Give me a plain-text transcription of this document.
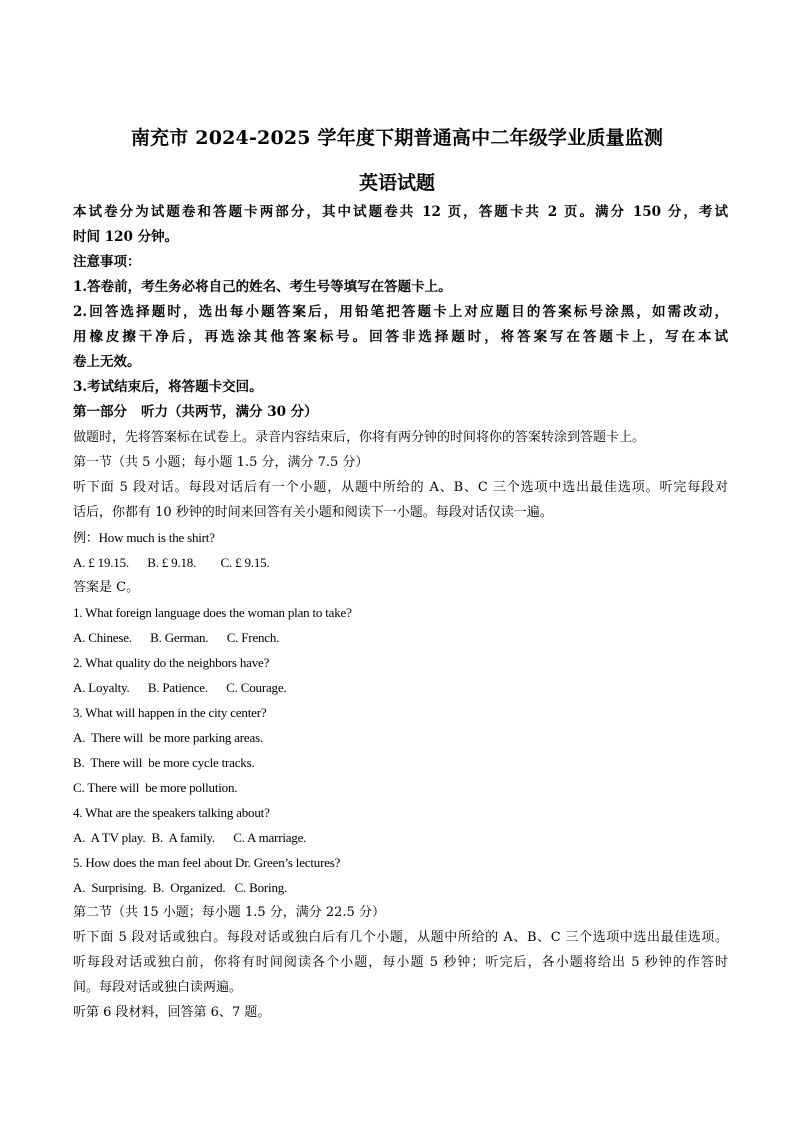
南充市 2024-2025 学年度下期普通高中二年级学业质量监测
英语试题
本试卷分为试题卷和答题卡两部分，其中试题卷共 12 页，答题卡共 2 页。满分 150 分，考试
时间 120 分钟。
注意事项：
1.答卷前，考生务必将自己的姓名、考生号等填写在答题卡上。
2.回答选择题时，选出每小题答案后，用铅笔把答题卡上对应题目的答案标号涂黑，如需改动，
用橡皮擦干净后，再选涂其他答案标号。回答非选择题时，将答案写在答题卡上，写在本试
卷上无效。
3.考试结束后，将答题卡交回。
第一部分 听力（共两节，满分 30 分）
做题时，先将答案标在试卷上。录音内容结束后，你将有两分钟的时间将你的答案转涂到答题卡上。
第一节（共 5 小题；每小题 1.5 分，满分 7.5 分）
听下面 5 段对话。每段对话后有一个小题，从题中所给的 A、B、C 三个选项中选出最佳选项。听完每段对
话后，你都有 10 秒钟的时间来回答有关小题和阅读下一小题。每段对话仅读一遍。
例：How much is the shirt?
A. £ 19.15.      B. £ 9.18.        C. £ 9.15.
答案是 C。
1. What foreign language does the woman plan to take?
A. Chinese.      B. German.      C. French.
2. What quality do the neighbors have?
A. Loyalty.      B. Patience.      C. Courage.
3. What will happen in the city center?
A.  There will  be more parking areas.
B.  There will  be more cycle tracks.
C. There will  be more pollution.
4. What are the speakers talking about?
A.  A TV play.  B.  A family.      C. A marriage.
5. How does the man feel about Dr. Green’s lectures?
A.  Surprising.  B.  Organized.   C. Boring.
第二节（共 15 小题；每小题 1.5 分，满分 22.5 分）
听下面 5 段对话或独白。每段对话或独白后有几个小题，从题中所给的 A、B、C 三个选项中选出最佳选项。
听每段对话或独白前，你将有时间阅读各个小题，每小题 5 秒钟；听完后，各小题将给出 5 秒钟的作答时
间。每段对话或独白读两遍。
听第 6 段材料，回答第 6、7 题。
